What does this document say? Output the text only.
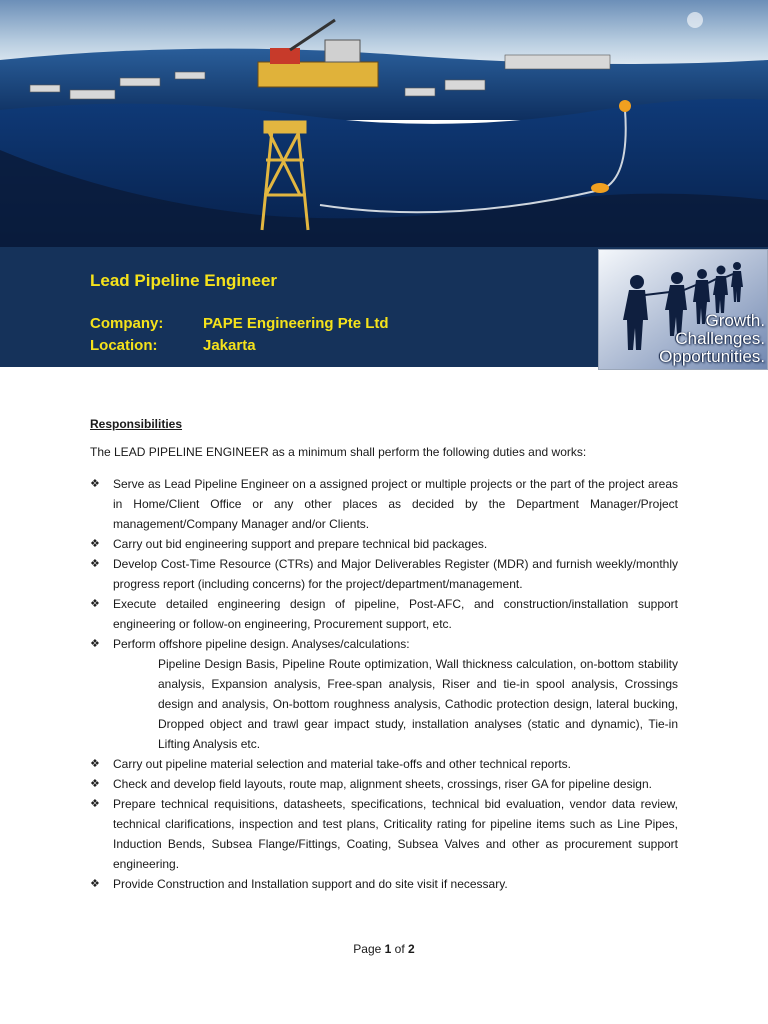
Lead Pipeline Engineer
Company:	PAPE Engineering Pte Ltd
Location:	Jakarta
Growth.
Challenges.
Opportunities.

Responsibilities

The LEAD PIPELINE ENGINEER as a minimum shall perform the following duties and works:

❖	Serve as Lead Pipeline Engineer on a assigned project or multiple projects or the part of the project areas in Home/Client Office or any other places as decided by the Department Manager/Project management/Company Manager and/or Clients.
❖	Carry out bid engineering support and prepare technical bid packages.
❖	Develop Cost-Time Resource (CTRs) and Major Deliverables Register (MDR) and furnish weekly/monthly progress report (including concerns) for the project/department/management.
❖	Execute detailed engineering design of pipeline, Post-AFC, and construction/installation support engineering or follow-on engineering, Procurement support, etc.
❖	Perform offshore pipeline design. Analyses/calculations:
Pipeline Design Basis, Pipeline Route optimization, Wall thickness calculation, on-bottom stability analysis, Expansion analysis, Free-span analysis, Riser and tie-in spool analysis, Crossings design and analysis, On-bottom roughness analysis, Cathodic protection design, lateral bucking, Dropped object and trawl gear impact study, installation analyses (static and dynamic), Tie-in Lifting Analysis etc.
❖	Carry out pipeline material selection and material take-offs and other technical reports.
❖	Check and develop field layouts, route map, alignment sheets, crossings, riser GA for pipeline design.
❖	Prepare technical requisitions, datasheets, specifications, technical bid evaluation, vendor data review, technical clarifications, inspection and test plans, Criticality rating for pipeline items such as Line Pipes, Induction Bends, Subsea Flange/Fittings, Coating, Subsea Valves and other as procurement support engineering.
❖	Provide Construction and Installation support and do site visit if necessary.
Page 1 of 2
